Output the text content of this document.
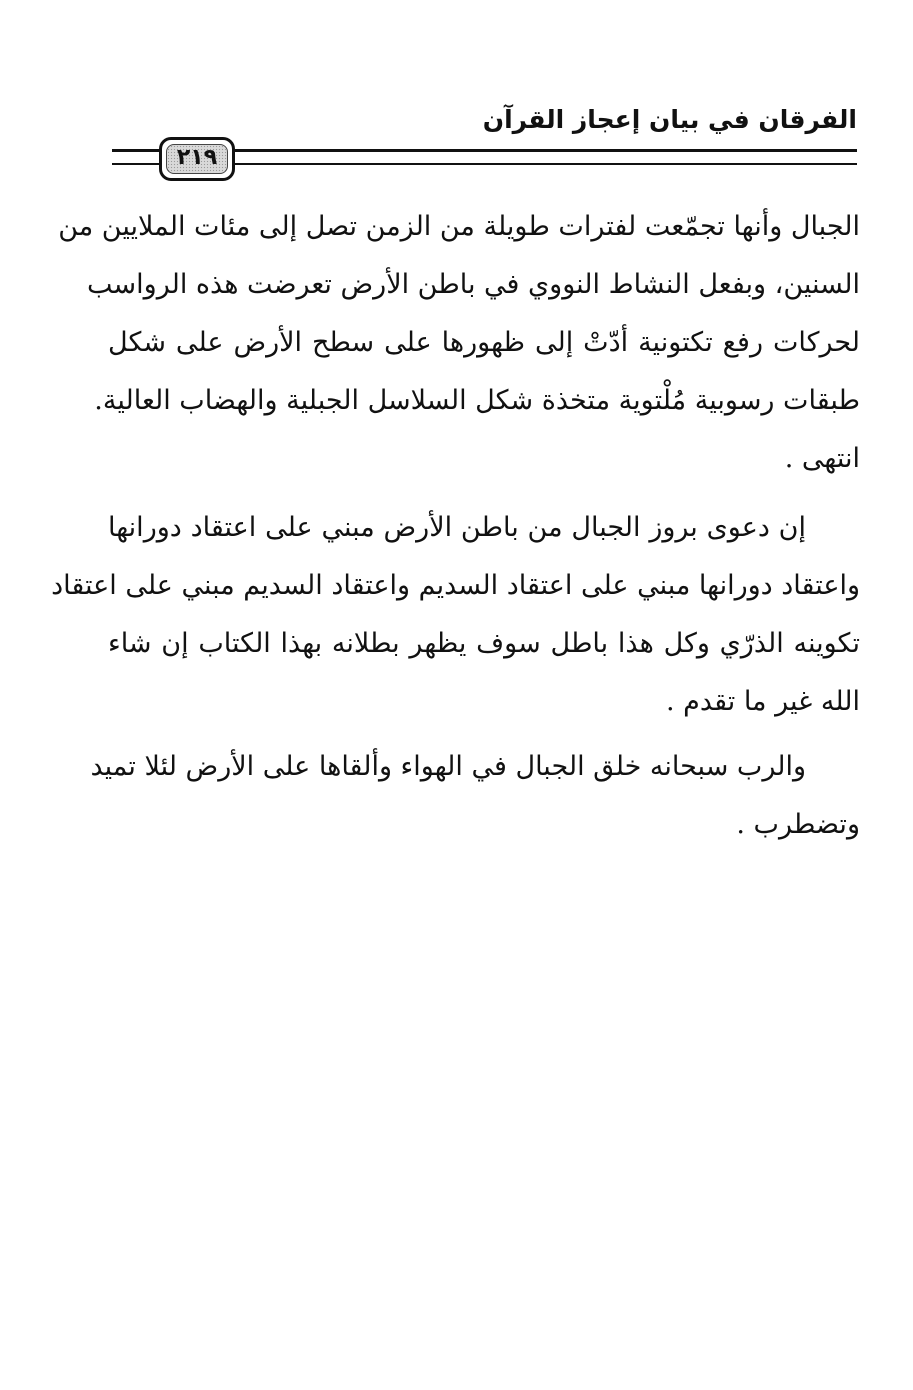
الفرقان في بيان إعجاز القرآن
٢١٩
الجبال وأنها تجمّعت لفترات طويلة من الزمن تصل إلى مئات الملايين من
السنين، وبفعل النشاط النووي في باطن الأرض تعرضت هذه الرواسب
لحركات رفع تكتونية أدّتْ إلى ظهورها على سطح الأرض على شكل
طبقات رسوبية مُلْتوية متخذة شكل السلاسل الجبلية والهضاب العالية.
انتهى .
إن دعوى بروز الجبال من باطن الأرض مبني على اعتقاد دورانها
واعتقاد دورانها مبني على اعتقاد السديم واعتقاد السديم مبني على اعتقاد
تكوينه الذرّي وكل هذا باطل سوف يظهر بطلانه بهذا الكتاب إن شاء
الله غير ما تقدم .
والرب سبحانه خلق الجبال في الهواء وألقاها على الأرض لئلا تميد
وتضطرب .
